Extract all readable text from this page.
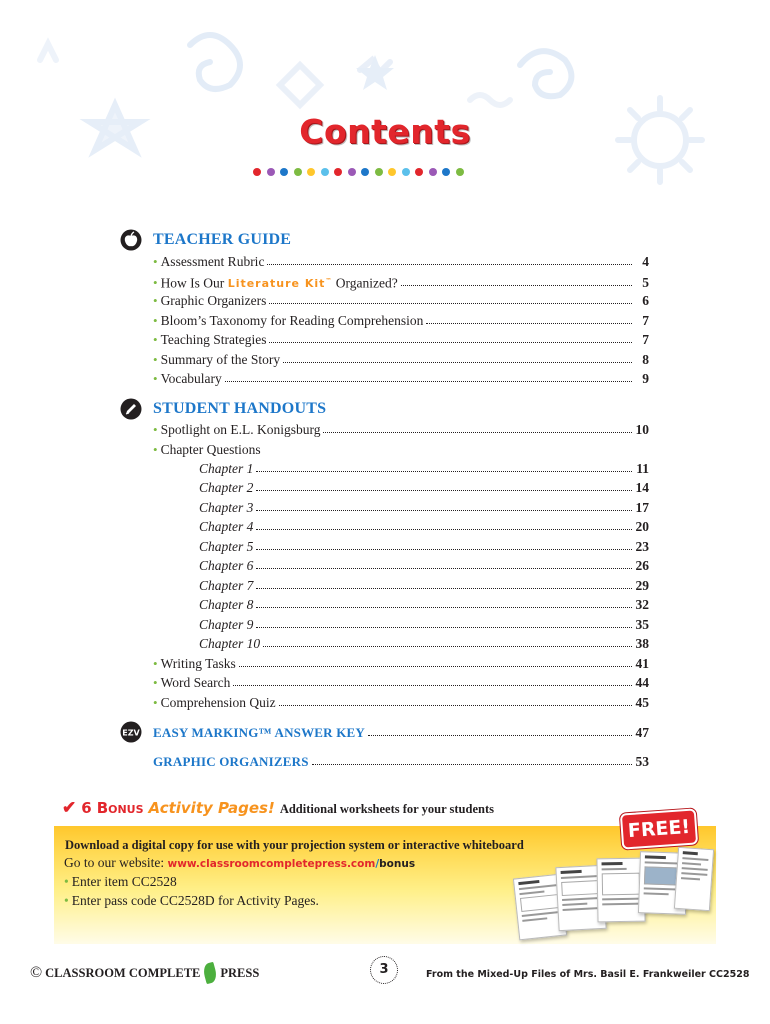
Contents
TEACHER GUIDE
• Assessment Rubric	4
• How Is Our Literature Kit™ Organized?	5
• Graphic Organizers	6
• Bloom’s Taxonomy for Reading Comprehension	7
• Teaching Strategies	7
• Summary of the Story	8
• Vocabulary	9
STUDENT HANDOUTS
• Spotlight on E.L. Konigsburg	10
• Chapter Questions
Chapter 1	11
Chapter 2	14
Chapter 3	17
Chapter 4	20
Chapter 5	23
Chapter 6	26
Chapter 7	29
Chapter 8	32
Chapter 9	35
Chapter 10	38
• Writing Tasks	41
• Word Search	44
• Comprehension Quiz	45
EZV EASY MARKING™ ANSWER KEY	47
GRAPHIC ORGANIZERS	53
✔ 6 Bonus Activity Pages! Additional worksheets for your students
FREE!
Download a digital copy for use with your projection system or interactive whiteboard
Go to our website: www.classroomcompletepress.com/bonus
• Enter item CC2528
• Enter pass code CC2528D for Activity Pages.
© CLASSROOM COMPLETE PRESS	3	From the Mixed-Up Files of Mrs. Basil E. Frankweiler CC2528
